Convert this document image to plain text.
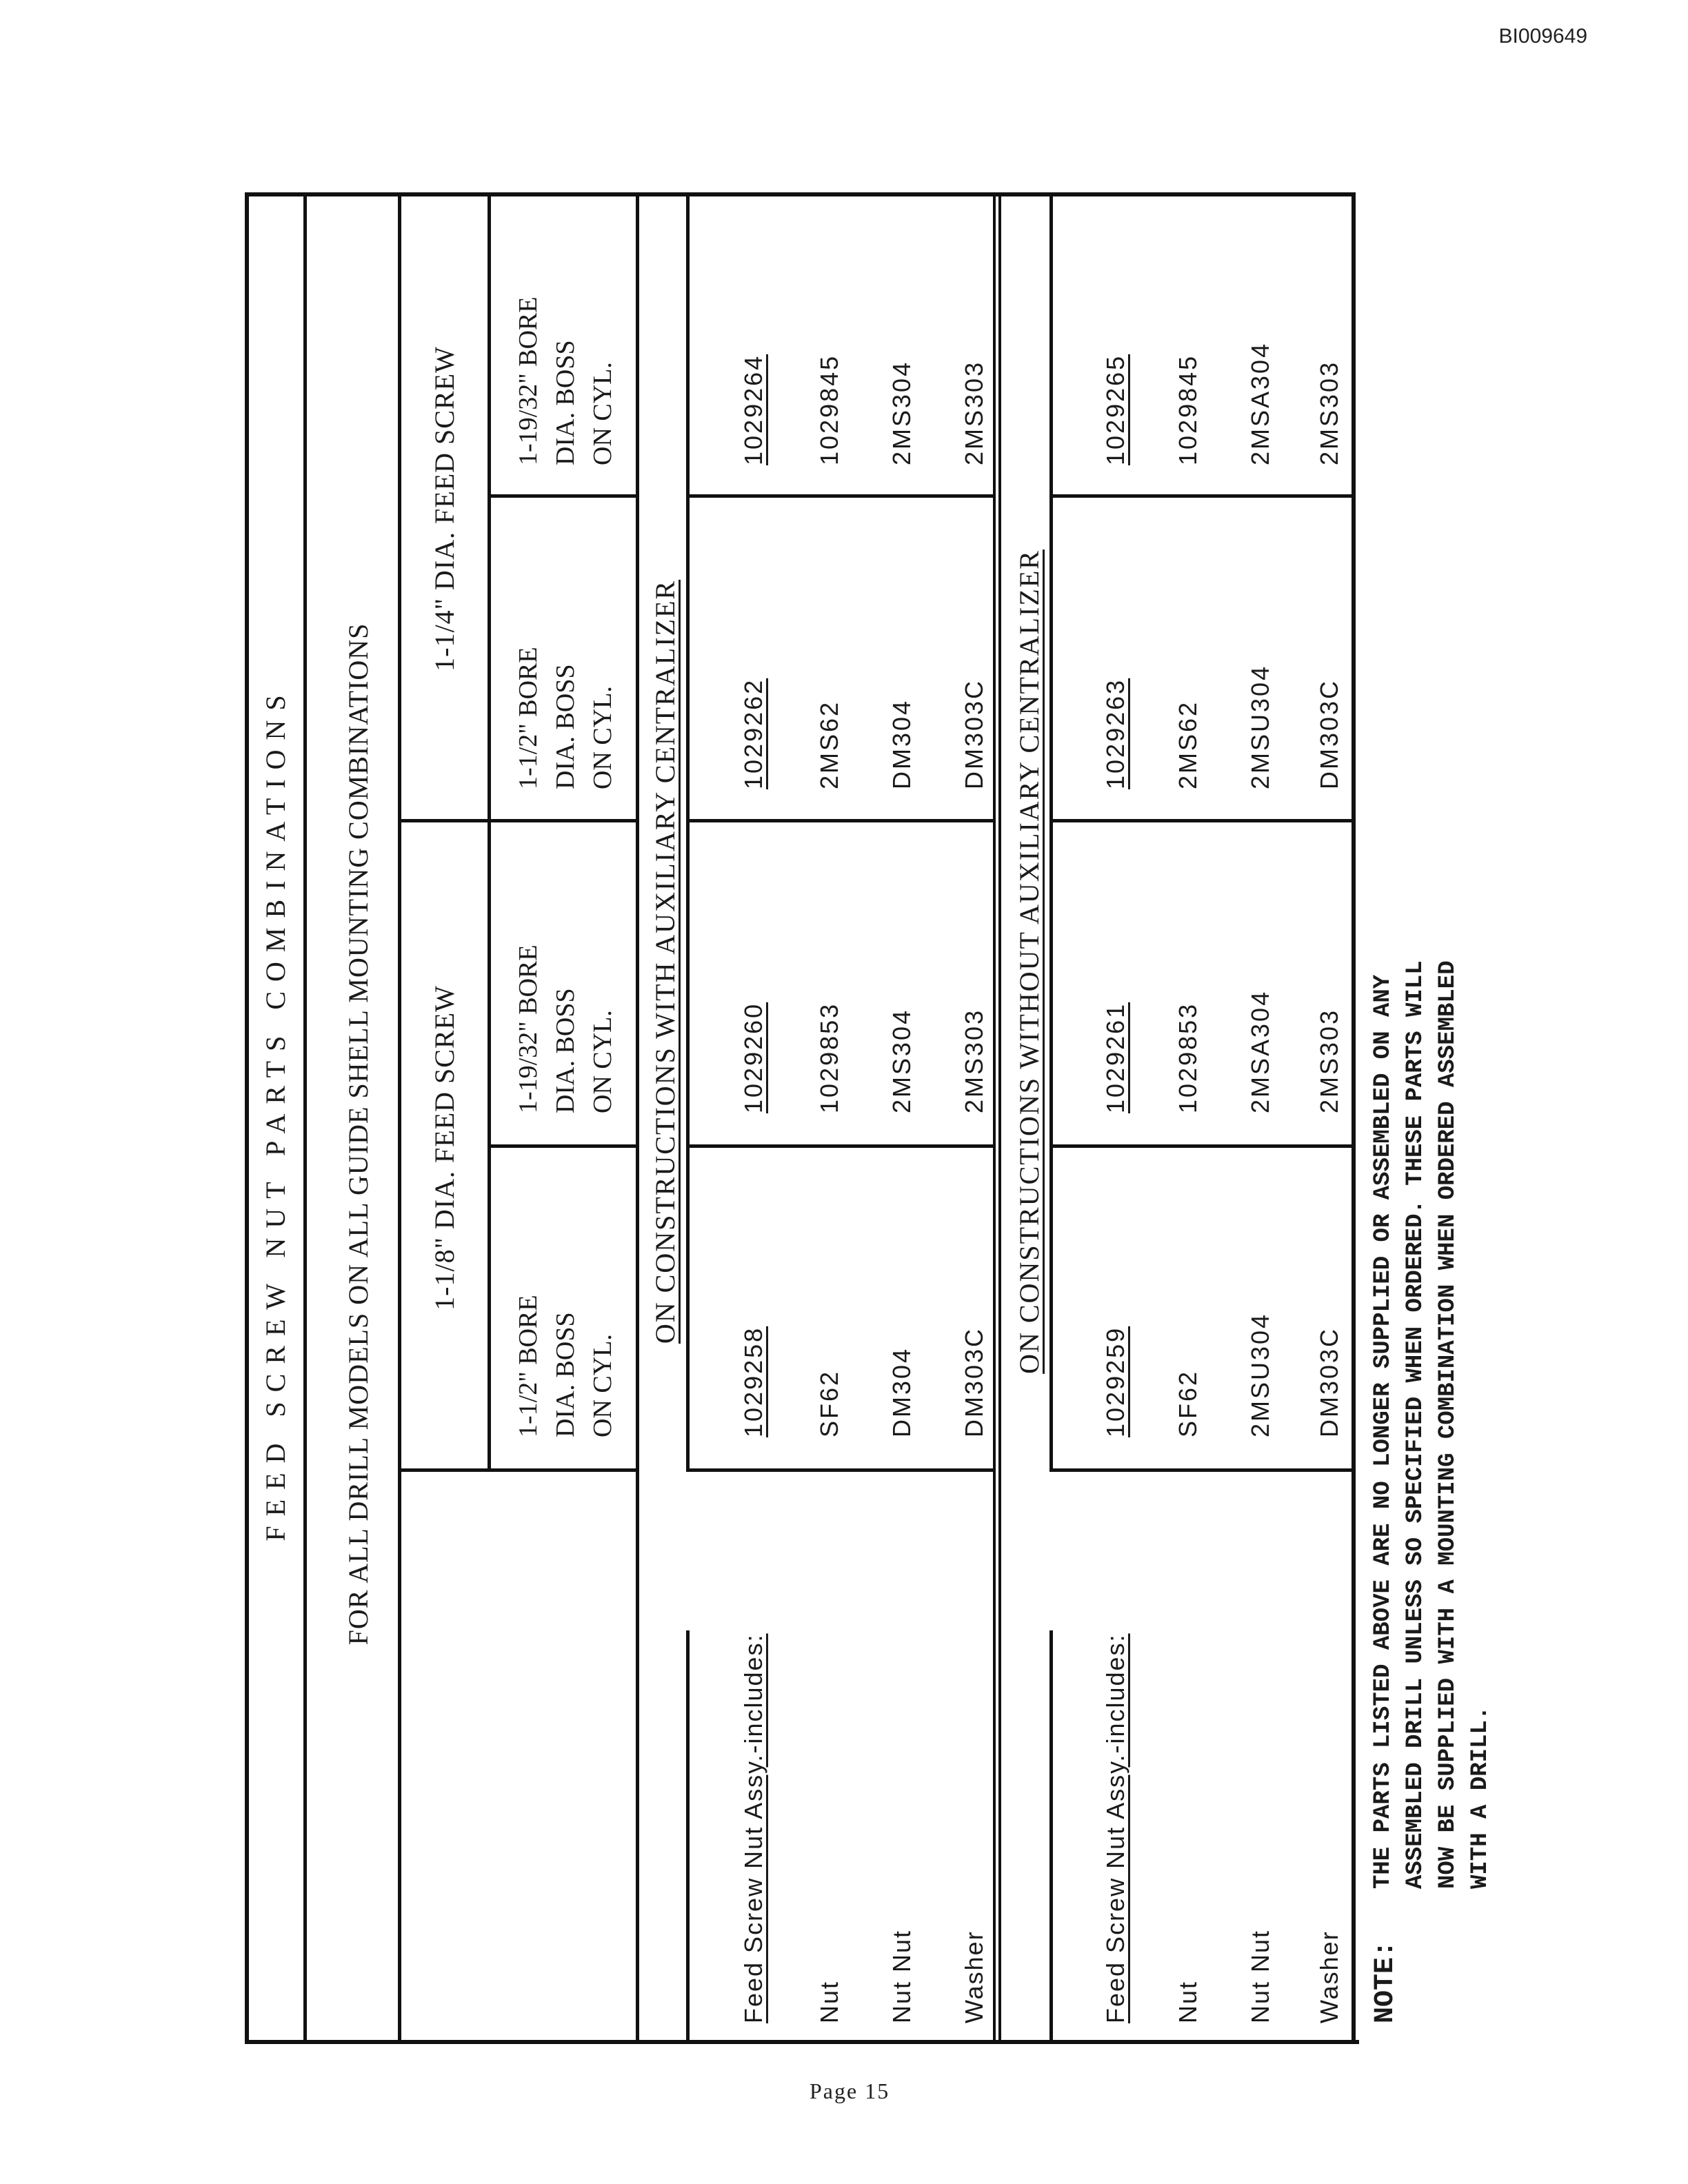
BI009649
FEED SCREW NUT PARTS COMBINATIONS FOR ALL DRILL MODELS ON ALL GUIDE SHELL MOUNTING COMBINATIONS 1-1/8" DIA. FEED SCREW
1-1/4" DIA. FEED SCREW
1-1/2" BORE DIA. BOSS ON CYL.
1-19/32" BORE DIA. BOSS ON CYL.
1-1/2" BORE DIA. BOSS ON CYL.
1-19/32" BORE DIA. BOSS ON CYL.
ON CONSTRUCTIONS WITH AUXILIARY CENTRALIZER
Feed Screw Nut Assy.-includes:
1029258
1029260
1029262
1029264
Nut
SF62
1029853
2MS62
1029845
Nut Nut
DM304
2MS304
DM304
2MS304
Washer
DM303C
2MS303
DM303C
2MS303
ON CONSTRUCTIONS WITHOUT AUXILIARY CENTRALIZER
Feed Screw Nut Assy.-includes:
1029259
1029261
1029263
1029265
Nut
SF62
1029853
2MS62
1029845
Nut Nut
2MSU304
2MSA304
2MSU304
2MSA304
Washer
DM303C
2MS303
DM303C
2MS303
NOTE:
THE PARTS LISTED ABOVE ARE NO LONGER SUPPLIED OR ASSEMBLED ON ANY ASSEMBLED DRILL UNLESS SO SPECIFIED WHEN ORDERED. THESE PARTS WILL NOW BE SUPPLIED WITH A MOUNTING COMBINATION WHEN ORDERED ASSEMBLED WITH A DRILL.
Page 15
